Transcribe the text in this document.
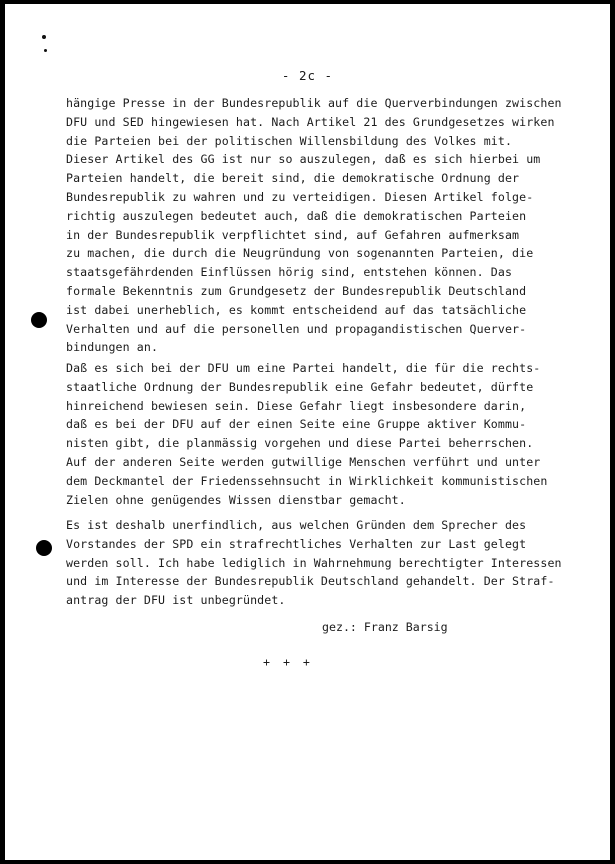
- 2c -
hängige Presse in der Bundesrepublik auf die Querverbindungen zwischen
DFU und SED hingewiesen hat. Nach Artikel 21 des Grundgesetzes wirken
die Parteien bei der politischen Willensbildung des Volkes mit.
Dieser Artikel des GG ist nur so auszulegen, daß es sich hierbei um
Parteien handelt, die bereit sind, die demokratische Ordnung der
Bundesrepublik zu wahren und zu verteidigen. Diesen Artikel folge-
richtig auszulegen bedeutet auch, daß die demokratischen Parteien
in der Bundesrepublik verpflichtet sind, auf Gefahren aufmerksam
zu machen, die durch die Neugründung von sogenannten Parteien, die
staatsgefährdenden Einflüssen hörig sind, entstehen können. Das
formale Bekenntnis zum Grundgesetz der Bundesrepublik Deutschland
ist dabei unerheblich, es kommt entscheidend auf das tatsächliche
Verhalten und auf die personellen und propagandistischen Querver-
bindungen an.
Daß es sich bei der DFU um eine Partei handelt, die für die rechts-
staatliche Ordnung der Bundesrepublik eine Gefahr bedeutet, dürfte
hinreichend bewiesen sein. Diese Gefahr liegt insbesondere darin,
daß es bei der DFU auf der einen Seite eine Gruppe aktiver Kommu-
nisten gibt, die planmässig vorgehen und diese Partei beherrschen.
Auf der anderen Seite werden gutwillige Menschen verführt und unter
dem Deckmantel der Friedenssehnsucht in Wirklichkeit kommunistischen
Zielen ohne genügendes Wissen dienstbar gemacht.
Es ist deshalb unerfindlich, aus welchen Gründen dem Sprecher des
Vorstandes der SPD ein strafrechtliches Verhalten zur Last gelegt
werden soll. Ich habe lediglich in Wahrnehmung berechtigter Interessen
und im Interesse der Bundesrepublik Deutschland gehandelt. Der Straf-
antrag der DFU ist unbegründet.
gez.: Franz Barsig
+ + +
